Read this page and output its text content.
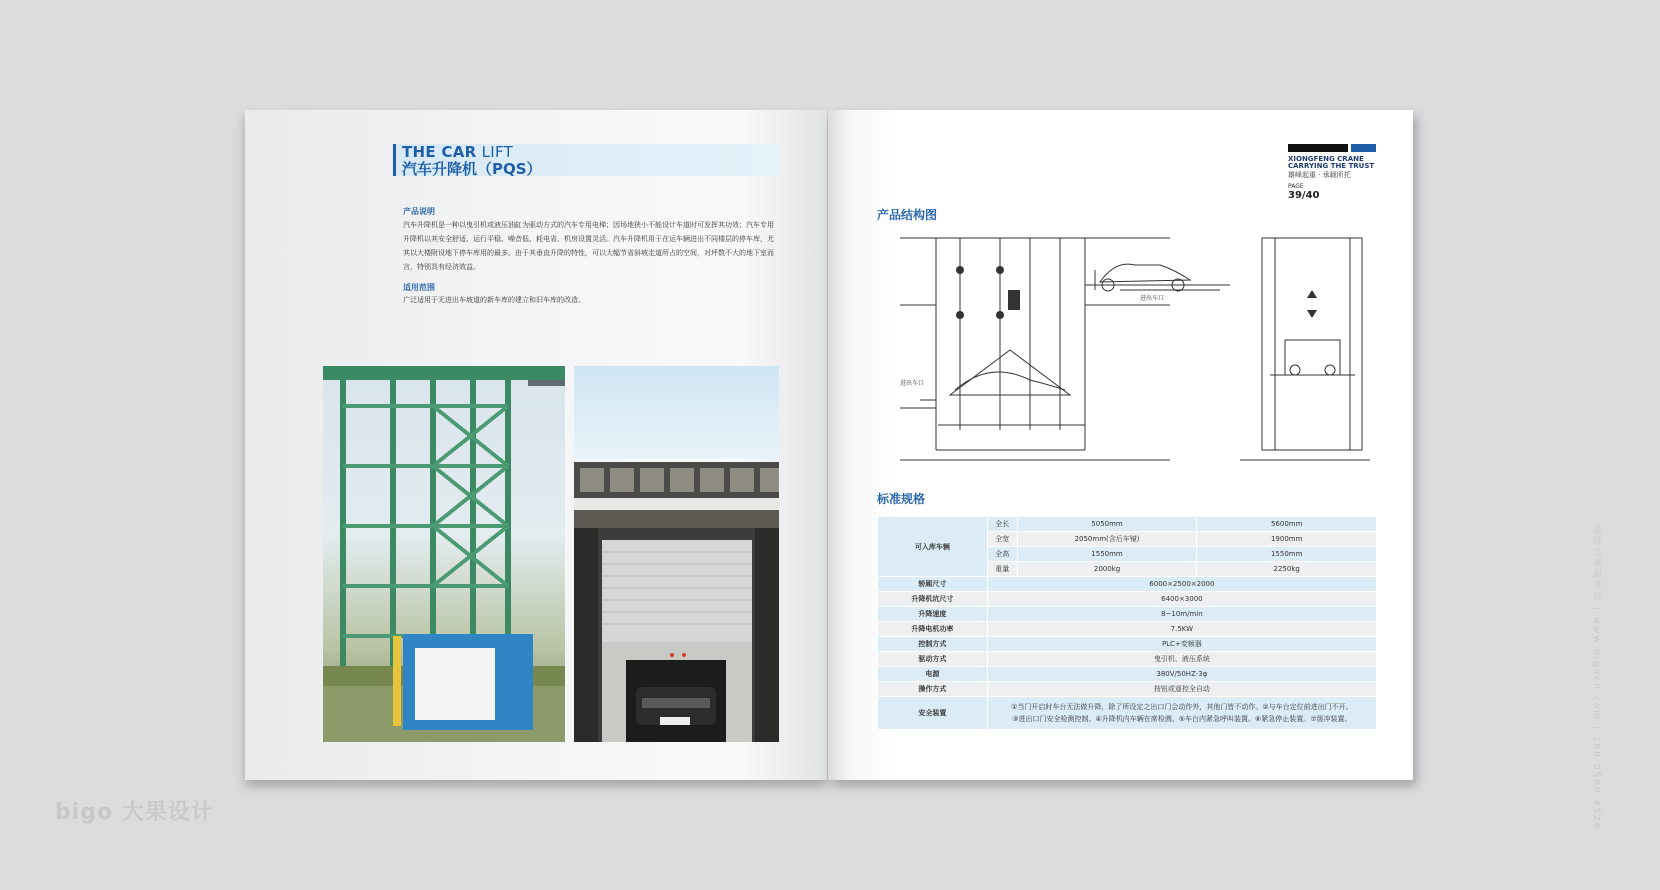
THE CAR LIFT
汽车升降机（PQS）
产品说明
汽车升降机是一种以曳引机或液压油缸为驱动方式的汽车专用电梯；因场地狭小不能设计车道时可发挥其功效；汽车专用升降机以其安全舒适、运行平稳、噪音低、耗电省、机房设置灵活。汽车升降机用于在运车辆进出不同楼层的停车库，尤其以大楼附设地下停车库用的最多。由于其垂直升降的特性，可以大幅节省斜坡走道所占的空间，对坪数不大的地下室而言，特别具有经济效益。
适用范围
广泛适用于无进出车坡道的新车库的建立和旧车库的改造。
XIONGFENG CRANE
CARRYING THE TRUST
雄峰起重 · 承载所托
PAGE
39/40
产品结构图
进出车口
进出车口
标准规格
可入库车辆	全长	5050mm	5600mm
	全宽	2050mm(含后车镜)	1900mm
	全高	1550mm	1550mm
	重量	2000kg	2250kg
轿厢尺寸	6000×2500×2000		
升降机坑尺寸	6400×3000		
升降速度	8~10m/min		
升降电机功率	7.5KW		
控制方式	PLC+变频器		
驱动方式	曳引机、液压系统		
电源	380V/50HZ-3φ		
操作方式	按钮或遥控全自动		
安全装置	①当门开启时车台无法做升降，除了所设定之出口门会动作外，其他门皆不动作。②与车台定位前进出门不开。
③进出口门安全检测控制。④升降机内车辆在席检测。⑤车台内紧急呼叫装置。⑥紧急停止装置。⑦缓冲装置。			品牌全案服务商 | www.bigocn.com | 180 0560 4526
bigo 大果设计
